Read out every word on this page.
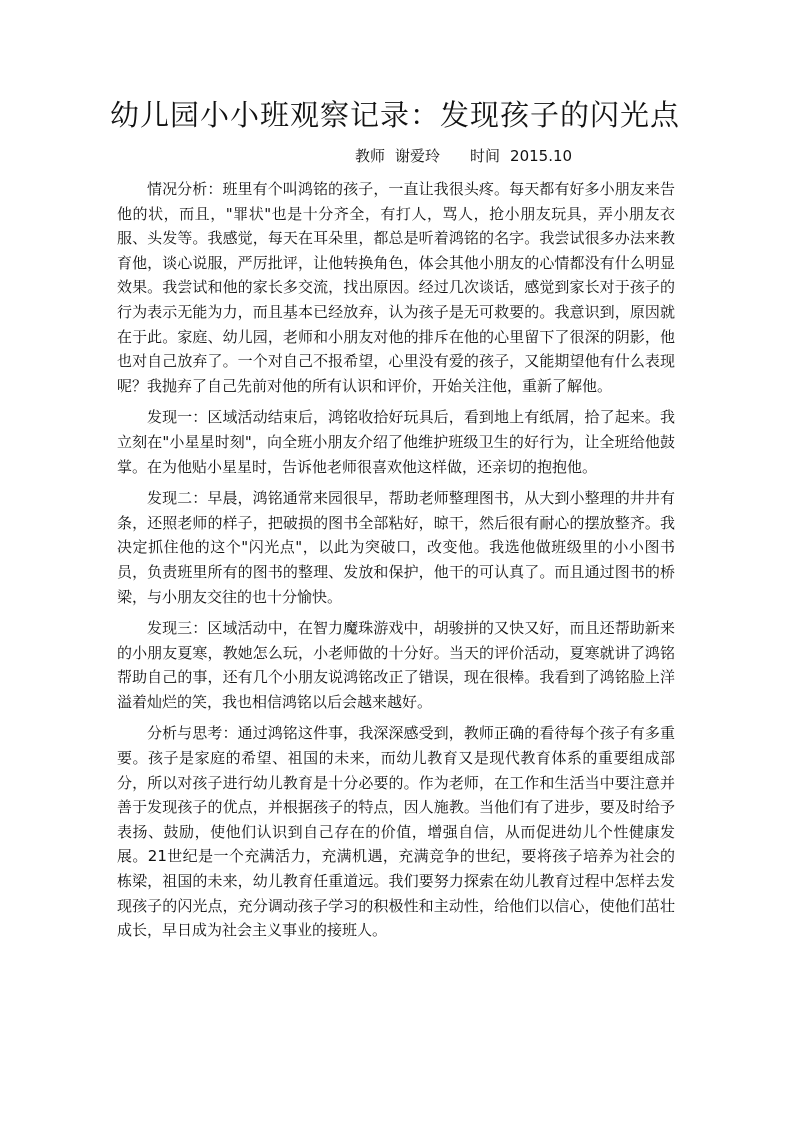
幼儿园小小班观察记录：发现孩子的闪光点
教师 谢爱玲 时间 2015.10

情况分析：班里有个叫鸿铭的孩子，一直让我很头疼。每天都有好多小朋友来告他的状，而且，"罪状"也是十分齐全，有打人，骂人，抢小朋友玩具，弄小朋友衣服、头发等。我感觉，每天在耳朵里，都总是听着鸿铭的名字。我尝试很多办法来教育他，谈心说服，严厉批评，让他转换角色，体会其他小朋友的心情都没有什么明显效果。我尝试和他的家长多交流，找出原因。经过几次谈话，感觉到家长对于孩子的行为表示无能为力，而且基本已经放弃，认为孩子是无可救要的。我意识到，原因就在于此。家庭、幼儿园，老师和小朋友对他的排斥在他的心里留下了很深的阴影，他也对自己放弃了。一个对自己不报希望，心里没有爱的孩子，又能期望他有什么表现呢？我抛弃了自己先前对他的所有认识和评价，开始关注他，重新了解他。

发现一：区域活动结束后，鸿铭收拾好玩具后，看到地上有纸屑，拾了起来。我立刻在"小星星时刻"，向全班小朋友介绍了他维护班级卫生的好行为，让全班给他鼓掌。在为他贴小星星时，告诉他老师很喜欢他这样做，还亲切的抱抱他。

发现二：早晨，鸿铭通常来园很早，帮助老师整理图书，从大到小整理的井井有条，还照老师的样子，把破损的图书全部粘好，晾干，然后很有耐心的摆放整齐。我决定抓住他的这个"闪光点"，以此为突破口，改变他。我选他做班级里的小小图书员，负责班里所有的图书的整理、发放和保护，他干的可认真了。而且通过图书的桥梁，与小朋友交往的也十分愉快。

发现三：区域活动中，在智力魔珠游戏中，胡骏拼的又快又好，而且还帮助新来的小朋友夏寒，教她怎么玩，小老师做的十分好。当天的评价活动，夏寒就讲了鸿铭帮助自己的事，还有几个小朋友说鸿铭改正了错误，现在很棒。我看到了鸿铭脸上洋溢着灿烂的笑，我也相信鸿铭以后会越来越好。

分析与思考：通过鸿铭这件事，我深深感受到，教师正确的看待每个孩子有多重要。孩子是家庭的希望、祖国的未来，而幼儿教育又是现代教育体系的重要组成部分，所以对孩子进行幼儿教育是十分必要的。作为老师，在工作和生活当中要注意并善于发现孩子的优点，并根据孩子的特点，因人施教。当他们有了进步，要及时给予表扬、鼓励，使他们认识到自己存在的价值，增强自信，从而促进幼儿个性健康发展。21世纪是一个充满活力，充满机遇，充满竞争的世纪，要将孩子培养为社会的栋梁，祖国的未来，幼儿教育任重道远。我们要努力探索在幼儿教育过程中怎样去发现孩子的闪光点，充分调动孩子学习的积极性和主动性，给他们以信心，使他们茁壮成长，早日成为社会主义事业的接班人。
